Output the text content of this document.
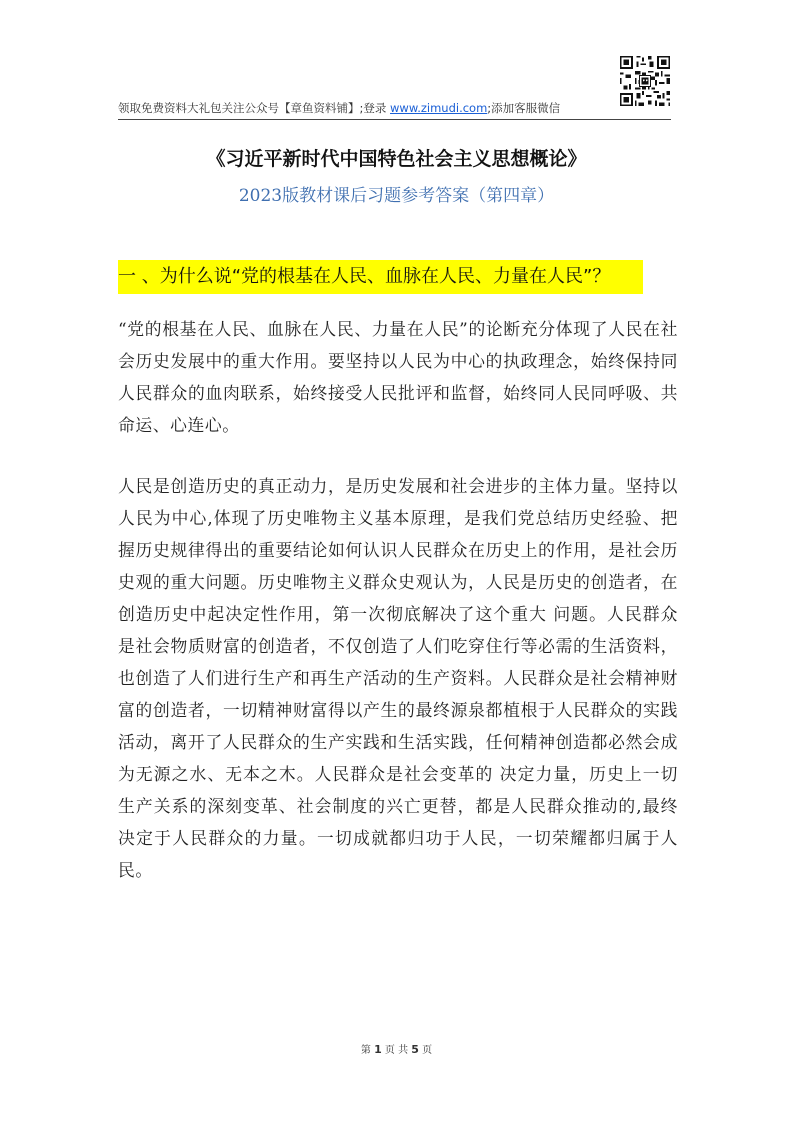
领取免费资料大礼包关注公众号【章鱼资料铺】;登录 www.zimudi.com;添加客服微信
《习近平新时代中国特色社会主义思想概论》
2023版教材课后习题参考答案（第四章）
一 、为什么说“党的根基在人民、血脉在人民、力量在人民”？
“党的根基在人民、血脉在人民、力量在人民”的论断充分体现了人民在社会历史发展中的重大作用。要坚持以人民为中心的执政理念，始终保持同人民群众的血肉联系，始终接受人民批评和监督，始终同人民同呼吸、共命运、心连心。
人民是创造历史的真正动力，是历史发展和社会进步的主体力量。坚持以人民为中心,体现了历史唯物主义基本原理，是我们党总结历史经验、把握历史规律得出的重要结论如何认识人民群众在历史上的作用，是社会历史观的重大问题。历史唯物主义群众史观认为，人民是历史的创造者，在创造历史中起决定性作用，第一次彻底解决了这个重大 问题。人民群众是社会物质财富的创造者，不仅创造了人们吃穿住行等必需的生活资料，也创造了人们进行生产和再生产活动的生产资料。人民群众是社会精神财富的创造者，一切精神财富得以产生的最终源泉都植根于人民群众的实践活动，离开了人民群众的生产实践和生活实践，任何精神创造都必然会成为无源之水、无本之木。人民群众是社会变革的 决定力量，历史上一切生产关系的深刻变革、社会制度的兴亡更替，都是人民群众推动的,最终决定于人民群众的力量。一切成就都归功于人民，一切荣耀都归属于人民。
第 1 页 共 5 页
